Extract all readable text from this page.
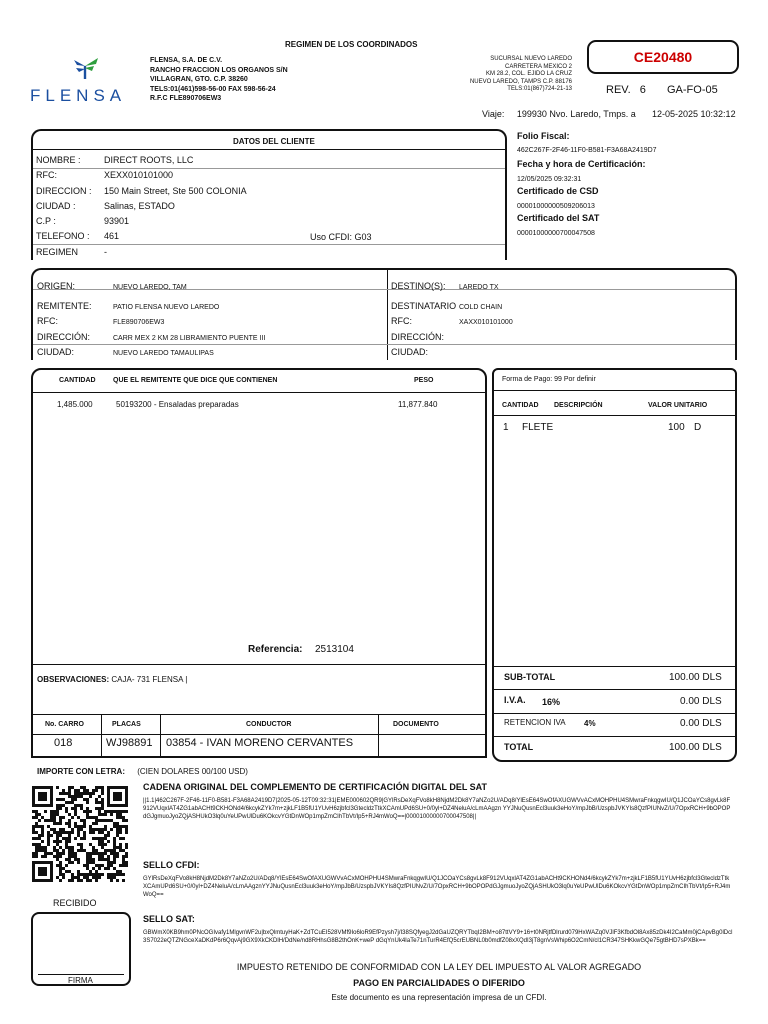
FLENSA
FLENSA, S.A. DE C.V.
RANCHO FRACCION LOS ORGANOS S/N
VILLAGRAN, GTO. C.P. 38260
TELS:01(461)598-56-00 FAX 598-56-24
R.F.C FLE890706EW3
REGIMEN DE LOS COORDINADOS
SUCURSAL NUEVO LAREDO
CARRETERA MEXICO 2
KM 28.2, COL. EJIDO LA CRUZ
NUEVO LAREDO, TAMPS C.P. 88176
TELS:01(867)724-21-13
CE20480
REV. 6 GA-FO-05
Viaje: 199930 Nvo. Laredo, Tmps. a 12-05-2025 10:32:12
DATOS DEL CLIENTE
NOMBRE :	DIRECT ROOTS, LLC
RFC:	XEXX010101000
DIRECCION : 150 Main Street, Ste 500 COLONIA
CIUDAD :	Salinas, ESTADO
C.P :	93901
TELEFONO : 461
REGIMEN	-
Uso CFDI: G03
Folio Fiscal:
462C267F-2F46-11F0-B581-F3A68A2419D7
Fecha y hora de Certificación:
12/05/2025 09:32:31
Certificado de CSD
00001000000509206013
Certificado del SAT
00001000000700047508
ORIGEN:	NUEVO LAREDO, TAM
REMITENTE:	PATIO FLENSA NUEVO LAREDO
RFC:	FLE890706EW3
DIRECCIÓN:	CARR MEX 2 KM 28 LIBRAMIENTO PUENTE III
CIUDAD:	NUEVO LAREDO TAMAULIPAS
DESTINO(S): LAREDO TX
DESTINATARIO COLD CHAIN
RFC:	XAXX010101000
DIRECCIÓN:
CIUDAD:
CANTIDAD QUE EL REMITENTE QUE DICE QUE CONTIENEN	PESO
1,485.000	50193200 - Ensaladas preparadas	11,877.840
Referencia: 2513104
OBSERVACIONES: CAJA- 731 FLENSA |
No. CARRO	PLACAS	CONDUCTOR	DOCUMENTO
018	WJ98891 03854 - IVAN MORENO CERVANTES
Forma de Pago: 99 Por definir
CANTIDAD DESCRIPCIÓN	VALOR UNITARIO
1 FLETE	100 D
SUB-TOTAL	100.00 DLS
I.V.A. 16%	0.00 DLS
RETENCION IVA 4%	0.00 DLS
TOTAL	100.00 DLS
IMPORTE CON LETRA: (CIEN DOLARES 00/100 USD)
RECIBIDO
FIRMA
CADENA ORIGINAL DEL COMPLEMENTO DE CERTIFICACIÓN DIGITAL DEL SAT
||1.1|462C267F-2F46-11F0-B581-F3A68A2419D7|2025-05-12T09:32:31|EME000602QR9|GYlRsDeXqFVo8kH8NjdM2Dk8Y7aNZo2U/ADq8/YlEsE64SwOfAXUGWVvACxMOHPHU4SMwraFnkqgwIU/Q1JCOaYCs8gvLk8F912VUqxlAT4ZG1abACHt9CKHONd4/6kcykZYk7m+zjkLF1B5fU1YUvH6zjbfcl3GtecldzTtkXCAmUPd6SU+0/0yl+DZ4NeluA/cLmAAgzn YYJNuQusnEcl3uuk3eHoY/mpJbB/UzspbJVKYIs8QzfPIUNvZ/U/7OpxRCH+9bOPOPdGJgmuoJyoZQjASHUkO3lq0uYeUPwUlDu6KOkcvYGtDnWOp1mpZmCIhTbVt/Ip5+RJ4mWoQ==|00001000000700047508||
SELLO CFDI:
GYlRsDeXqFVo8kH8NjdM2Dk8Y7aNZo2U/ADq8/YlEsE64SwOfAXUGWVvACxMOHPHU4SMwraFnkqgwIU/Q1JCOaYCs8gvLk8F912VUqxlAT4ZG1abACHt9CKHONd4/6kcykZYk7m+zjkLF1B5fU1YUvH6zjbfcl3GtecldzTtkXCAmUPd6SU+0/0yl+DZ4NeluA/cLmAAgznYYJNuQusnEcl3uuk3eHoY/mpJbB/UzspbJVKYIs8QzfPIUNvZ/U/7OpxRCH+9bOPOPdGJgmuoJyoZQjASHUkO3lq0uYeUPwUlDu6KOkcvYGtDnWOp1mpZmCIhTbVt/Ip5+RJ4mWoQ==
SELLO SAT:
GBWmX0KB9hm0PNcOGIvafy1MlgvnWF2u|bxQlmtuyHaK+ZdTCuEI528VMf9Io6loR9EfPzysh7j/I38SQfyegJ2dGaUZQRYTbqI2BM+o87ttVY9+16+t0NRjtfDlrurd079HxWAZq0VJlF3KfbdOl8Ax85zDk4I2CaMm0jCApvBg0lDcl3S7022eQTZNGceXaDKdP6r6QqvAj9GX9XkCKDlH/DdNe/nd8RHhsG8B2thOnK+weP dGqYnUk4IaTe71nTurR4EfQ5crEUBNL0b0mdfZ08xXQdI3jT8gnVsWhip6O2CmN/cl1CR347SHKkwGQe75gtBHD7sPXBk==
IMPUESTO RETENIDO DE CONFORMIDAD CON LA LEY DEL IMPUESTO AL VALOR AGREGADO
PAGO EN PARCIALIDADES O DIFERIDO
Este documento es una representación impresa de un CFDI.
